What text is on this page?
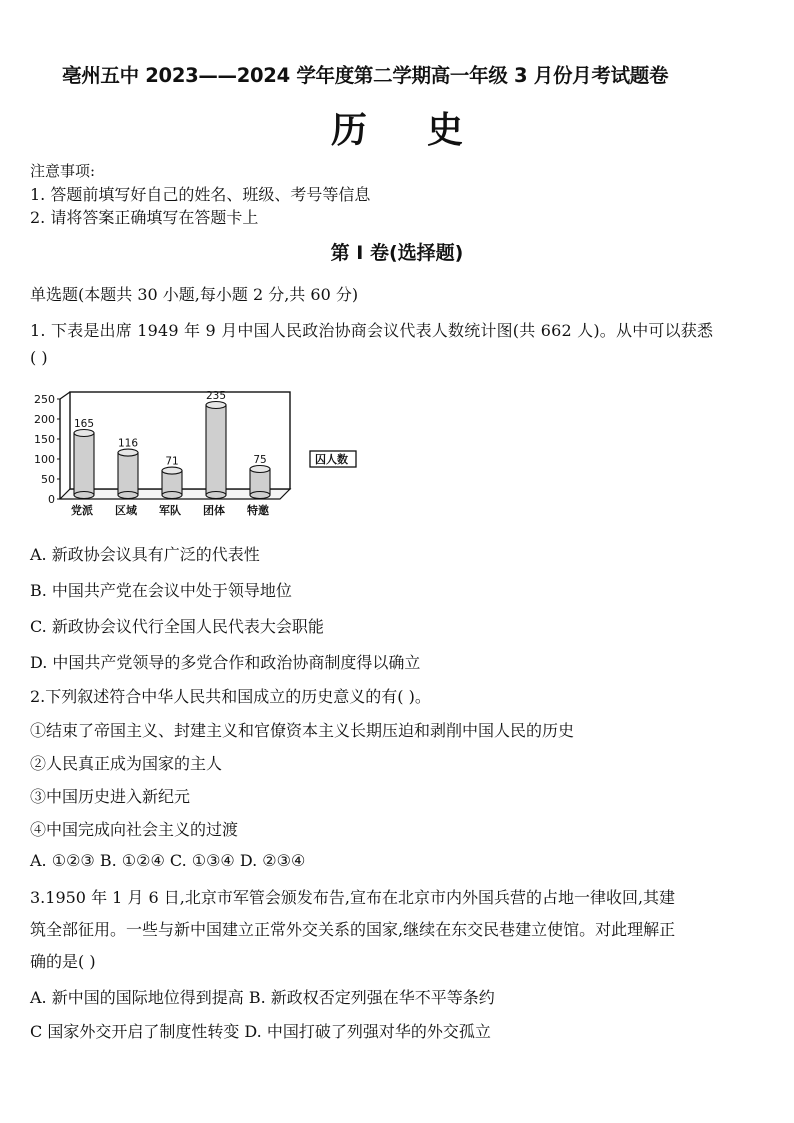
亳州五中 2023——2024 学年度第二学期高一年级 3 月份月考试题卷
历史
注意事项:
1. 答题前填写好自己的姓名、班级、考号等信息
2. 请将答案正确填写在答题卡上
第 I 卷(选择题)
单选题(本题共 30 小题,每小题 2 分,共 60 分)
1. 下表是出席 1949 年 9 月中国人民政治协商会议代表人数统计图(共 662 人)。从中可以获悉
( )
0
50
100
150
200
250
165
116
71
235
75
党派 区域 军队 团体 特邀
囚人数
A. 新政协会议具有广泛的代表性
B. 中国共产党在会议中处于领导地位
C. 新政协会议代行全国人民代表大会职能
D. 中国共产党领导的多党合作和政治协商制度得以确立
2.下列叙述符合中华人民共和国成立的历史意义的有( )。
①结束了帝国主义、封建主义和官僚资本主义长期压迫和剥削中国人民的历史
②人民真正成为国家的主人
③中国历史进入新纪元
④中国完成向社会主义的过渡
A. ①②③ B. ①②④ C. ①③④ D. ②③④
3.1950 年 1 月 6 日,北京市军管会颁发布告,宣布在北京市内外国兵营的占地一律收回,其建
筑全部征用。一些与新中国建立正常外交关系的国家,继续在东交民巷建立使馆。对此理解正
确的是( )
A. 新中国的国际地位得到提高 B. 新政权否定列强在华不平等条约
C 国家外交开启了制度性转变 D. 中国打破了列强对华的外交孤立
